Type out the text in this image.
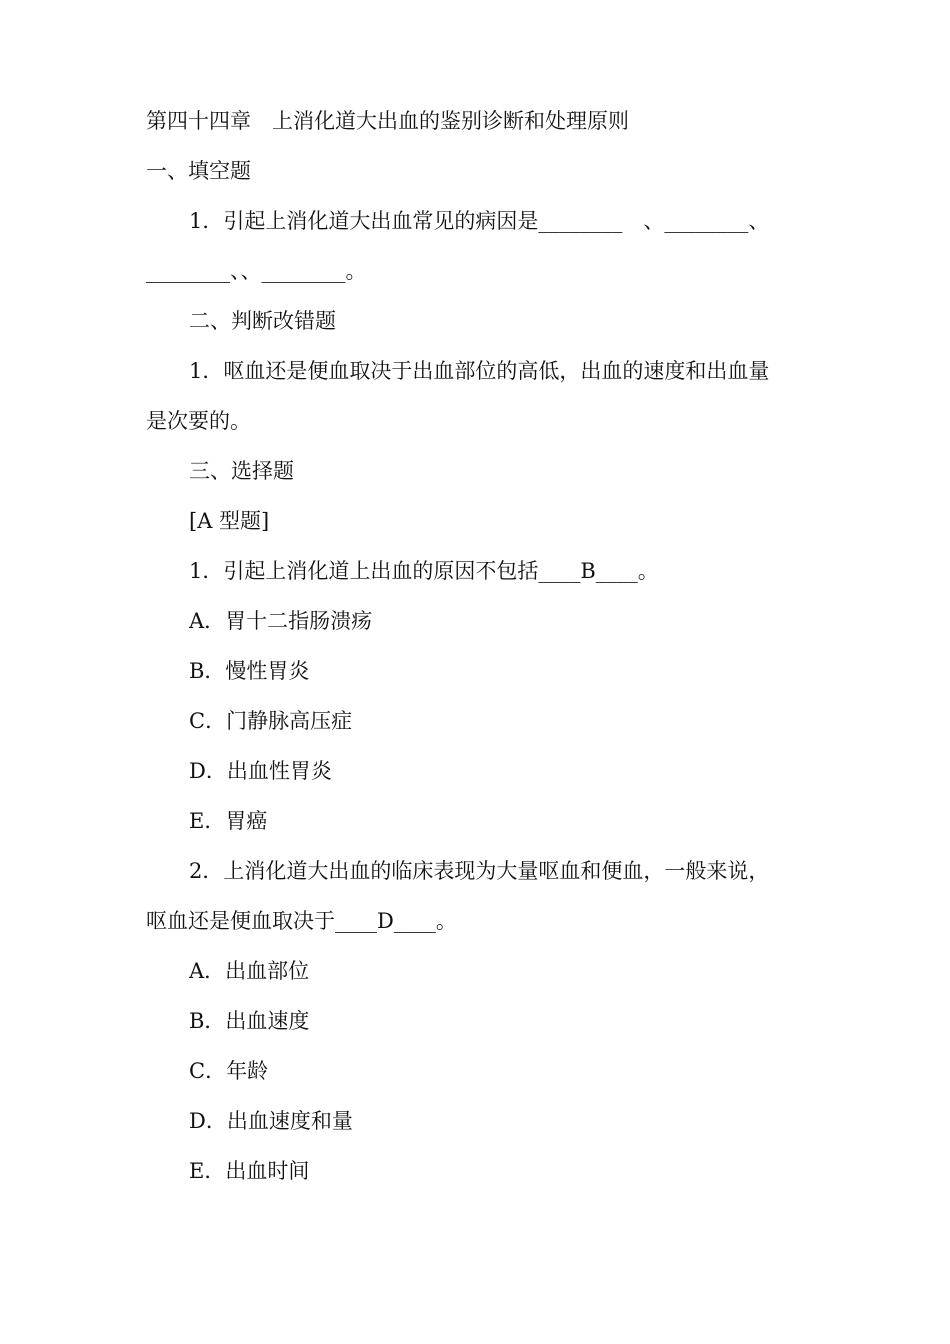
第四十四章　上消化道大出血的鉴别诊断和处理原则
一、填空题
1．引起上消化道大出血常见的病因是________　、________、
________、、________。
二、判断改错题
1．呕血还是便血取决于出血部位的高低，出血的速度和出血量
是次要的。
三、选择题
[A 型题]
1．引起上消化道上出血的原因不包括____B____。
A．胃十二指肠溃疡
B．慢性胃炎
C．门静脉高压症
D．出血性胃炎
E．胃癌
2．上消化道大出血的临床表现为大量呕血和便血，一般来说，
呕血还是便血取决于____D____。
A．出血部位
B．出血速度
C．年龄
D．出血速度和量
E．出血时间
